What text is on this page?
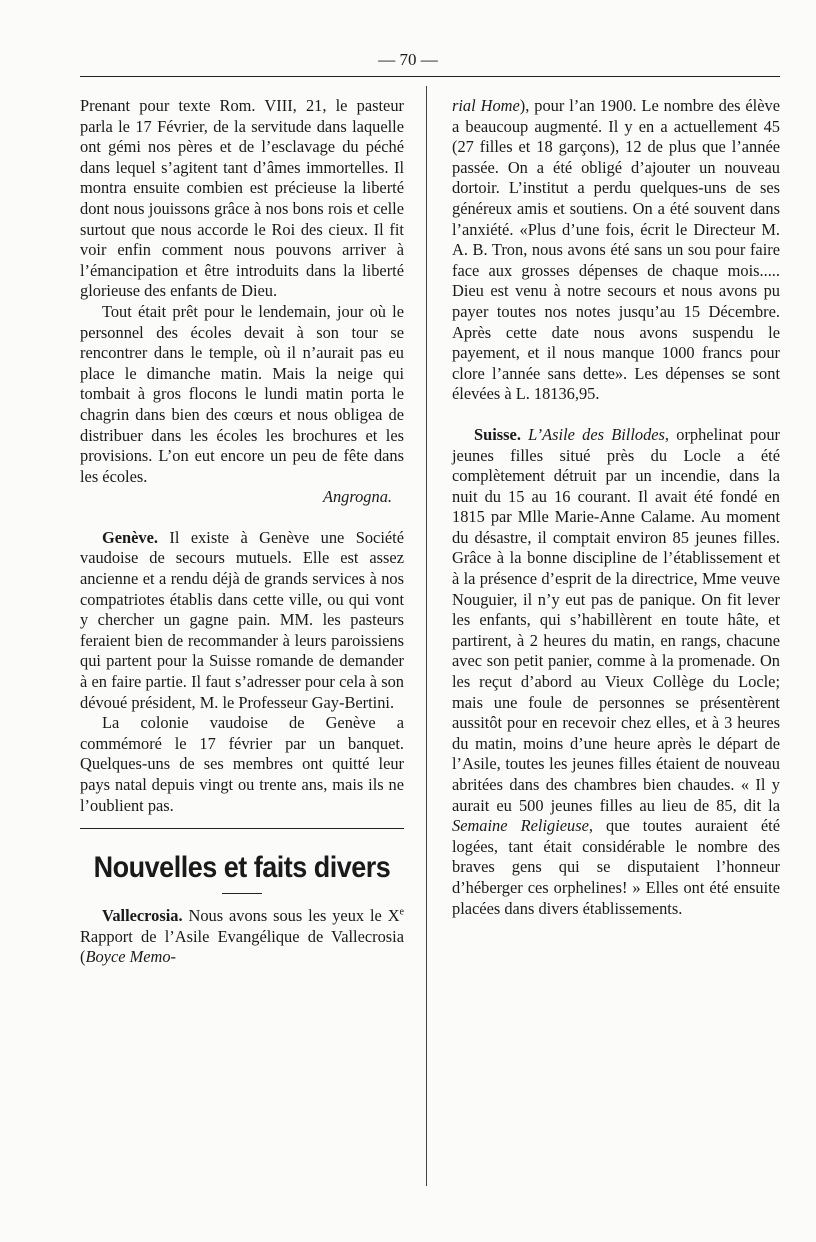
— 70 —

Prenant pour texte Rom. VIII, 21, le pasteur parla le 17 Février, de la servitude dans laquelle ont gémi nos pères et de l’esclavage du péché dans lequel s’agitent tant d’âmes immortelles. Il montra ensuite combien est précieuse la liberté dont nous jouissons grâce à nos bons rois et celle surtout que nous accorde le Roi des cieux. Il fit voir enfin comment nous pouvons arriver à l’émancipation et être introduits dans la liberté glorieuse des enfants de Dieu.

Tout était prêt pour le lendemain, jour où le personnel des écoles devait à son tour se rencontrer dans le temple, où il n’aurait pas eu place le dimanche matin. Mais la neige qui tombait à gros flocons le lundi matin porta le chagrin dans bien des cœurs et nous obligea de distribuer dans les écoles les brochures et les provisions. L’on eut encore un peu de fête dans les écoles.

Angrogna.

Genève. Il existe à Genève une Société vaudoise de secours mutuels. Elle est assez ancienne et a rendu déjà de grands services à nos compatriotes établis dans cette ville, ou qui vont y chercher un gagne pain. MM. les pasteurs feraient bien de recommander à leurs paroissiens qui partent pour la Suisse romande de demander à en faire partie. Il faut s’adresser pour cela à son dévoué président, M. le Professeur Gay-Bertini.

La colonie vaudoise de Genève a commémoré le 17 février par un banquet. Quelques-uns de ses membres ont quitté leur pays natal depuis vingt ou trente ans, mais ils ne l’oublient pas.

Nouvelles et faits divers

Vallecrosia. Nous avons sous les yeux le Xe Rapport de l’Asile Evangélique de Vallecrosia (Boyce Memo-

rial Home), pour l’an 1900. Le nombre des élève a beaucoup augmenté. Il y en a actuellement 45 (27 filles et 18 garçons), 12 de plus que l’année passée. On a été obligé d’ajouter un nouveau dortoir. L’institut a perdu quelques-uns de ses généreux amis et soutiens. On a été souvent dans l’anxiété. «Plus d’une fois, écrit le Directeur M. A. B. Tron, nous avons été sans un sou pour faire face aux grosses dépenses de chaque mois..... Dieu est venu à notre secours et nous avons pu payer toutes nos notes jusqu’au 15 Décembre. Après cette date nous avons suspendu le payement, et il nous manque 1000 francs pour clore l’année sans dette». Les dépenses se sont élevées à L. 18136,95.

Suisse. L’Asile des Billodes, orphelinat pour jeunes filles situé près du Locle a été complètement détruit par un incendie, dans la nuit du 15 au 16 courant. Il avait été fondé en 1815 par Mlle Marie-Anne Calame. Au moment du désastre, il comptait environ 85 jeunes filles. Grâce à la bonne discipline de l’établissement et à la présence d’esprit de la directrice, Mme veuve Nouguier, il n’y eut pas de panique. On fit lever les enfants, qui s’habillèrent en toute hâte, et partirent, à 2 heures du matin, en rangs, chacune avec son petit panier, comme à la promenade. On les reçut d’abord au Vieux Collège du Locle; mais une foule de personnes se présentèrent aussitôt pour en recevoir chez elles, et à 3 heures du matin, moins d’une heure après le départ de l’Asile, toutes les jeunes filles étaient de nouveau abritées dans des chambres bien chaudes. « Il y aurait eu 500 jeunes filles au lieu de 85, dit la Semaine Religieuse, que toutes auraient été logées, tant était considérable le nombre des braves gens qui se disputaient l’honneur d’héberger ces orphelines! » Elles ont été ensuite placées dans divers établissements.
